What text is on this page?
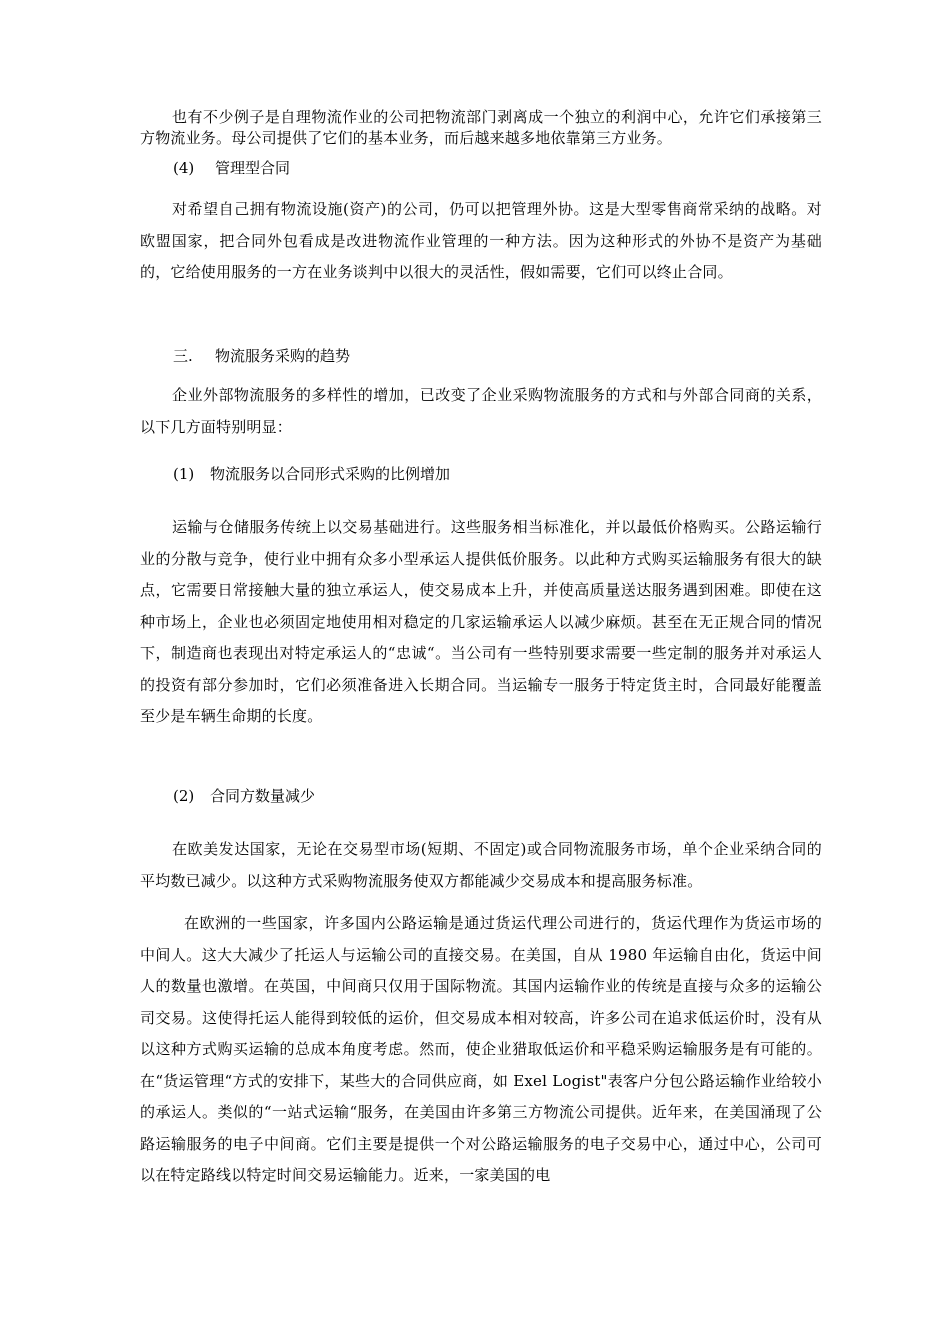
也有不少例子是自理物流作业的公司把物流部门剥离成一个独立的利润中心，允许它们承接第三方物流业务。母公司提供了它们的基本业务，而后越来越多地依靠第三方业务。

(4) 管理型合同

对希望自己拥有物流设施(资产)的公司，仍可以把管理外协。这是大型零售商常采纳的战略。对欧盟国家，把合同外包看成是改进物流作业管理的一种方法。因为这种形式的外协不是资产为基础的，它给使用服务的一方在业务谈判中以很大的灵活性，假如需要，它们可以终止合同。

三. 物流服务采购的趋势

企业外部物流服务的多样性的增加，已改变了企业采购物流服务的方式和与外部合同商的关系，以下几方面特别明显：

(1) 物流服务以合同形式采购的比例增加

运输与仓储服务传统上以交易基础进行。这些服务相当标准化，并以最低价格购买。公路运输行业的分散与竞争，使行业中拥有众多小型承运人提供低价服务。以此种方式购买运输服务有很大的缺点，它需要日常接触大量的独立承运人，使交易成本上升，并使高质量送达服务遇到困难。即使在这种市场上，企业也必须固定地使用相对稳定的几家运输承运人以减少麻烦。甚至在无正规合同的情况下，制造商也表现出对特定承运人的“忠诚“。当公司有一些特别要求需要一些定制的服务并对承运人的投资有部分参加时，它们必须准备进入长期合同。当运输专一服务于特定货主时，合同最好能覆盖至少是车辆生命期的长度。

(2) 合同方数量减少

在欧美发达国家，无论在交易型市场(短期、不固定)或合同物流服务市场，单个企业采纳合同的平均数已减少。以这种方式采购物流服务使双方都能减少交易成本和提高服务标准。

在欧洲的一些国家，许多国内公路运输是通过货运代理公司进行的，货运代理作为货运市场的中间人。这大大减少了托运人与运输公司的直接交易。在美国，自从 1980 年运输自由化，货运中间人的数量也激增。在英国，中间商只仅用于国际物流。其国内运输作业的传统是直接与众多的运输公司交易。这使得托运人能得到较低的运价，但交易成本相对较高，许多公司在追求低运价时，没有从以这种方式购买运输的总成本角度考虑。然而，使企业猎取低运价和平稳采购运输服务是有可能的。在“货运管理“方式的安排下，某些大的合同供应商，如 Exel Logist"表客户分包公路运输作业给较小的承运人。类似的“一站式运输“服务，在美国由许多第三方物流公司提供。近年来，在美国涌现了公路运输服务的电子中间商。它们主要是提供一个对公路运输服务的电子交易中心，通过中心，公司可以在特定路线以特定时间交易运输能力。近来，一家美国的电
